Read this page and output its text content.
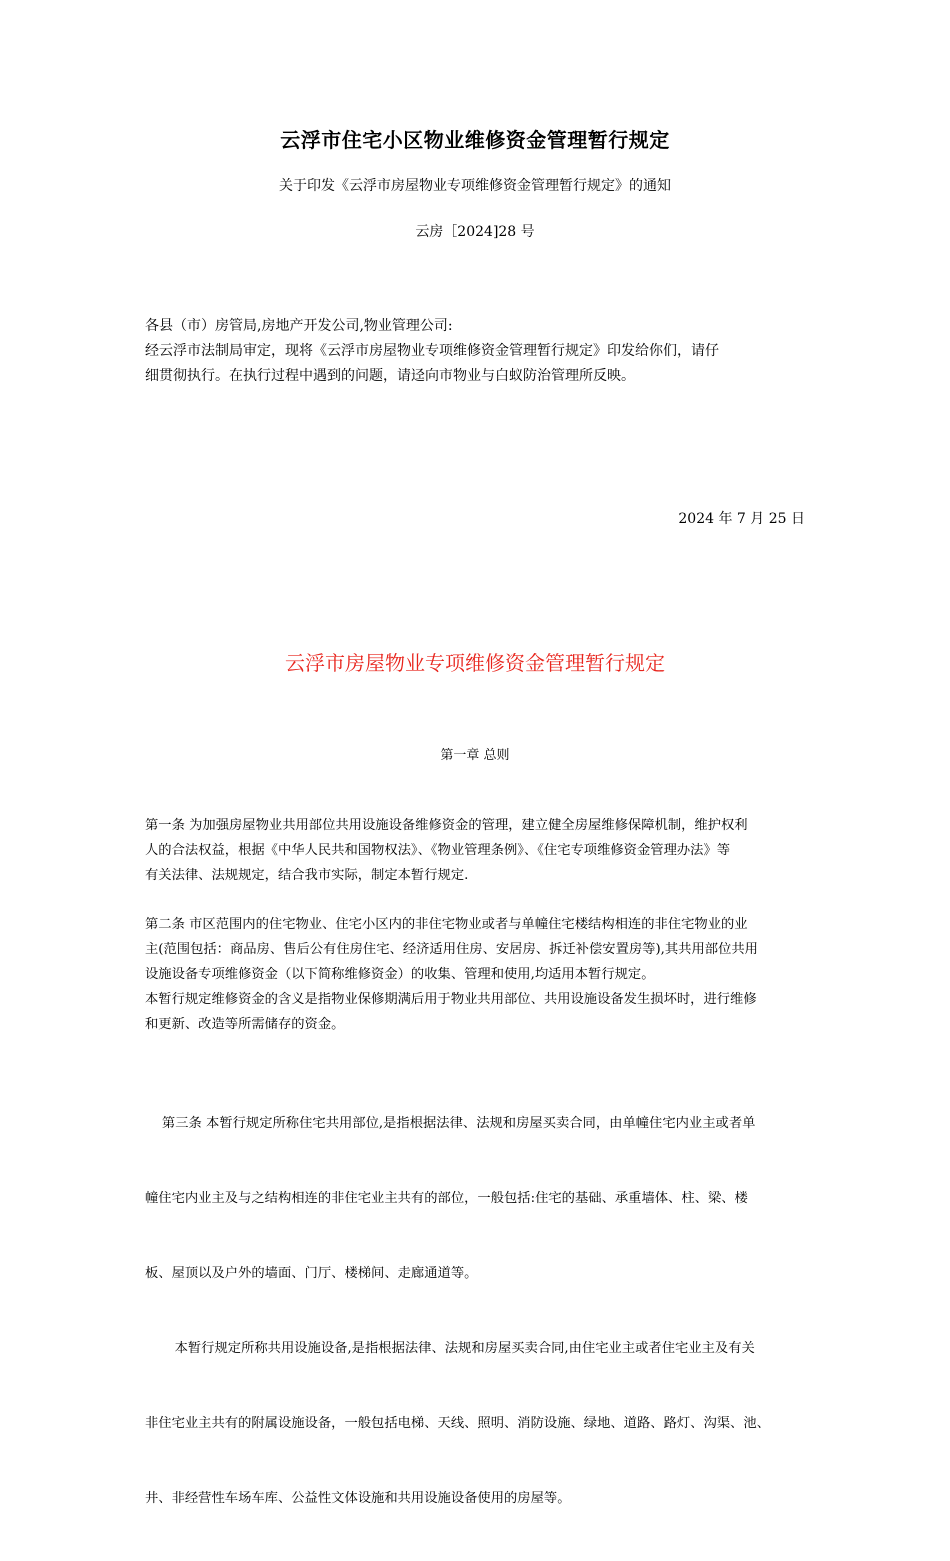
云浮市住宅小区物业维修资金管理暂行规定
关于印发《云浮市房屋物业专项维修资金管理暂行规定》的通知
云房［2024]28 号
各县（市）房管局,房地产开发公司,物业管理公司:
经云浮市法制局审定，现将《云浮市房屋物业专项维修资金管理暂行规定》印发给你们，请仔
细贯彻执行。在执行过程中遇到的问题，请迳向市物业与白蚁防治管理所反映。
2024 年 7 月 25 日
云浮市房屋物业专项维修资金管理暂行规定
第一章 总则
第一条 为加强房屋物业共用部位共用设施设备维修资金的管理，建立健全房屋维修保障机制，维护权利
人的合法权益，根据《中华人民共和国物权法》、《物业管理条例》、《住宅专项维修资金管理办法》等
有关法律、法规规定，结合我市实际，制定本暂行规定.
第二条 市区范围内的住宅物业、住宅小区内的非住宅物业或者与单幢住宅楼结构相连的非住宅物业的业
主(范围包括：商品房、售后公有住房住宅、经济适用住房、安居房、拆迁补偿安置房等),其共用部位共用
设施设备专项维修资金（以下简称维修资金）的收集、管理和使用,均适用本暂行规定。
本暂行规定维修资金的含义是指物业保修期满后用于物业共用部位、共用设施设备发生损坏时，进行维修
和更新、改造等所需储存的资金。

第三条 本暂行规定所称住宅共用部位,是指根据法律、法规和房屋买卖合同，由单幢住宅内业主或者单

幢住宅内业主及与之结构相连的非住宅业主共有的部位，一般包括:住宅的基础、承重墙体、柱、梁、楼

板、屋顶以及户外的墙面、门厅、楼梯间、走廊通道等。

本暂行规定所称共用设施设备,是指根据法律、法规和房屋买卖合同,由住宅业主或者住宅业主及有关

非住宅业主共有的附属设施设备，一般包括电梯、天线、照明、消防设施、绿地、道路、路灯、沟渠、池、

井、非经营性车场车库、公益性文体设施和共用设施设备使用的房屋等。
